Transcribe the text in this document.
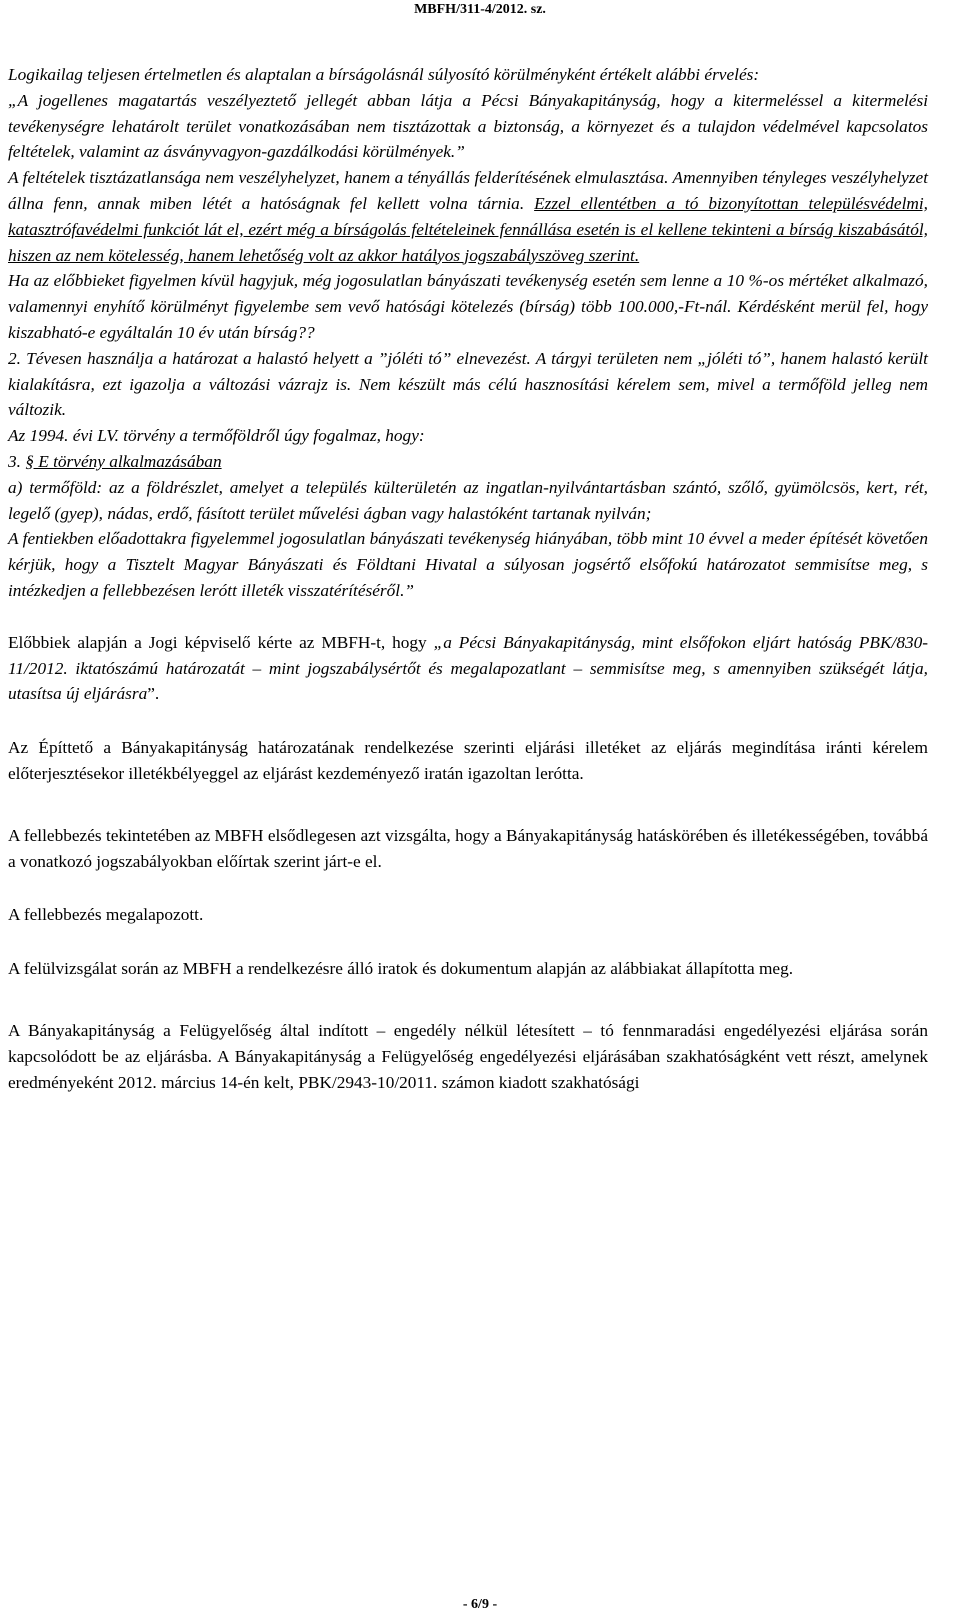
MBFH/311-4/2012. sz.

Logikailag teljesen értelmetlen és alaptalan a bírságolásnál súlyosító körülményként értékelt alábbi érvelés:

„A jogellenes magatartás veszélyeztető jellegét abban látja a Pécsi Bányakapitányság, hogy a kitermeléssel a kitermelési tevékenységre lehatárolt terület vonatkozásában nem tisztázottak a biztonság, a környezet és a tulajdon védelmével kapcsolatos feltételek, valamint az ásványvagyon-gazdálkodási körülmények.”

A feltételek tisztázatlansága nem veszélyhelyzet, hanem a tényállás felderítésének elmulasztása. Amennyiben tényleges veszélyhelyzet állna fenn, annak miben létét a hatóságnak fel kellett volna tárnia. Ezzel ellentétben a tó bizonyítottan településvédelmi, katasztrófavédelmi funkciót lát el, ezért még a bírságolás feltételeinek fennállása esetén is el kellene tekinteni a bírság kiszabásától, hiszen az nem kötelesség, hanem lehetőség volt az akkor hatályos jogszabályszöveg szerint.

Ha az előbbieket figyelmen kívül hagyjuk, még jogosulatlan bányászati tevékenység esetén sem lenne a 10 %-os mértéket alkalmazó, valamennyi enyhítő körülményt figyelembe sem vevő hatósági kötelezés (bírság) több 100.000,-Ft-nál. Kérdésként merül fel, hogy kiszabható-e egyáltalán 10 év után bírság??

2. Tévesen használja a határozat a halastó helyett a ”jóléti tó” elnevezést. A tárgyi területen nem „jóléti tó”, hanem halastó került kialakításra, ezt igazolja a változási vázrajz is. Nem készült más célú hasznosítási kérelem sem, mivel a termőföld jelleg nem változik.

Az 1994. évi LV. törvény a termőföldről úgy fogalmaz, hogy:

3. § E törvény alkalmazásában

a) termőföld: az a földrészlet, amelyet a település külterületén az ingatlan-nyilvántartásban szántó, szőlő, gyümölcsös, kert, rét, legelő (gyep), nádas, erdő, fásított terület művelési ágban vagy halastóként tartanak nyilván;

A fentiekben előadottakra figyelemmel jogosulatlan bányászati tevékenység hiányában, több mint 10 évvel a meder építését követően kérjük, hogy a Tisztelt Magyar Bányászati és Földtani Hivatal a súlyosan jogsértő elsőfokú határozatot semmisítse meg, s intézkedjen a fellebbezésen lerótt illeték visszatérítéséről.”

Előbbiek alapján a Jogi képviselő kérte az MBFH-t, hogy „a Pécsi Bányakapitányság, mint elsőfokon eljárt hatóság PBK/830-11/2012. iktatószámú határozatát – mint jogszabálysértőt és megalapozatlant – semmisítse meg, s amennyiben szükségét látja, utasítsa új eljárásra”.

Az Építtető a Bányakapitányság határozatának rendelkezése szerinti eljárási illetéket az eljárás megindítása iránti kérelem előterjesztésekor illetékbélyeggel az eljárást kezdeményező iratán igazoltan lerótta.

A fellebbezés tekintetében az MBFH elsődlegesen azt vizsgálta, hogy a Bányakapitányság hatáskörében és illetékességében, továbbá a vonatkozó jogszabályokban előírtak szerint járt-e el.

A fellebbezés megalapozott.

A felülvizsgálat során az MBFH a rendelkezésre álló iratok és dokumentum alapján az alábbiakat állapította meg.

A Bányakapitányság a Felügyelőség által indított – engedély nélkül létesített – tó fennmaradási engedélyezési eljárása során kapcsolódott be az eljárásba. A Bányakapitányság a Felügyelőség engedélyezési eljárásában szakhatóságként vett részt, amelynek eredményeként 2012. március 14-én kelt, PBK/2943-10/2011. számon kiadott szakhatósági

- 6/9 -
